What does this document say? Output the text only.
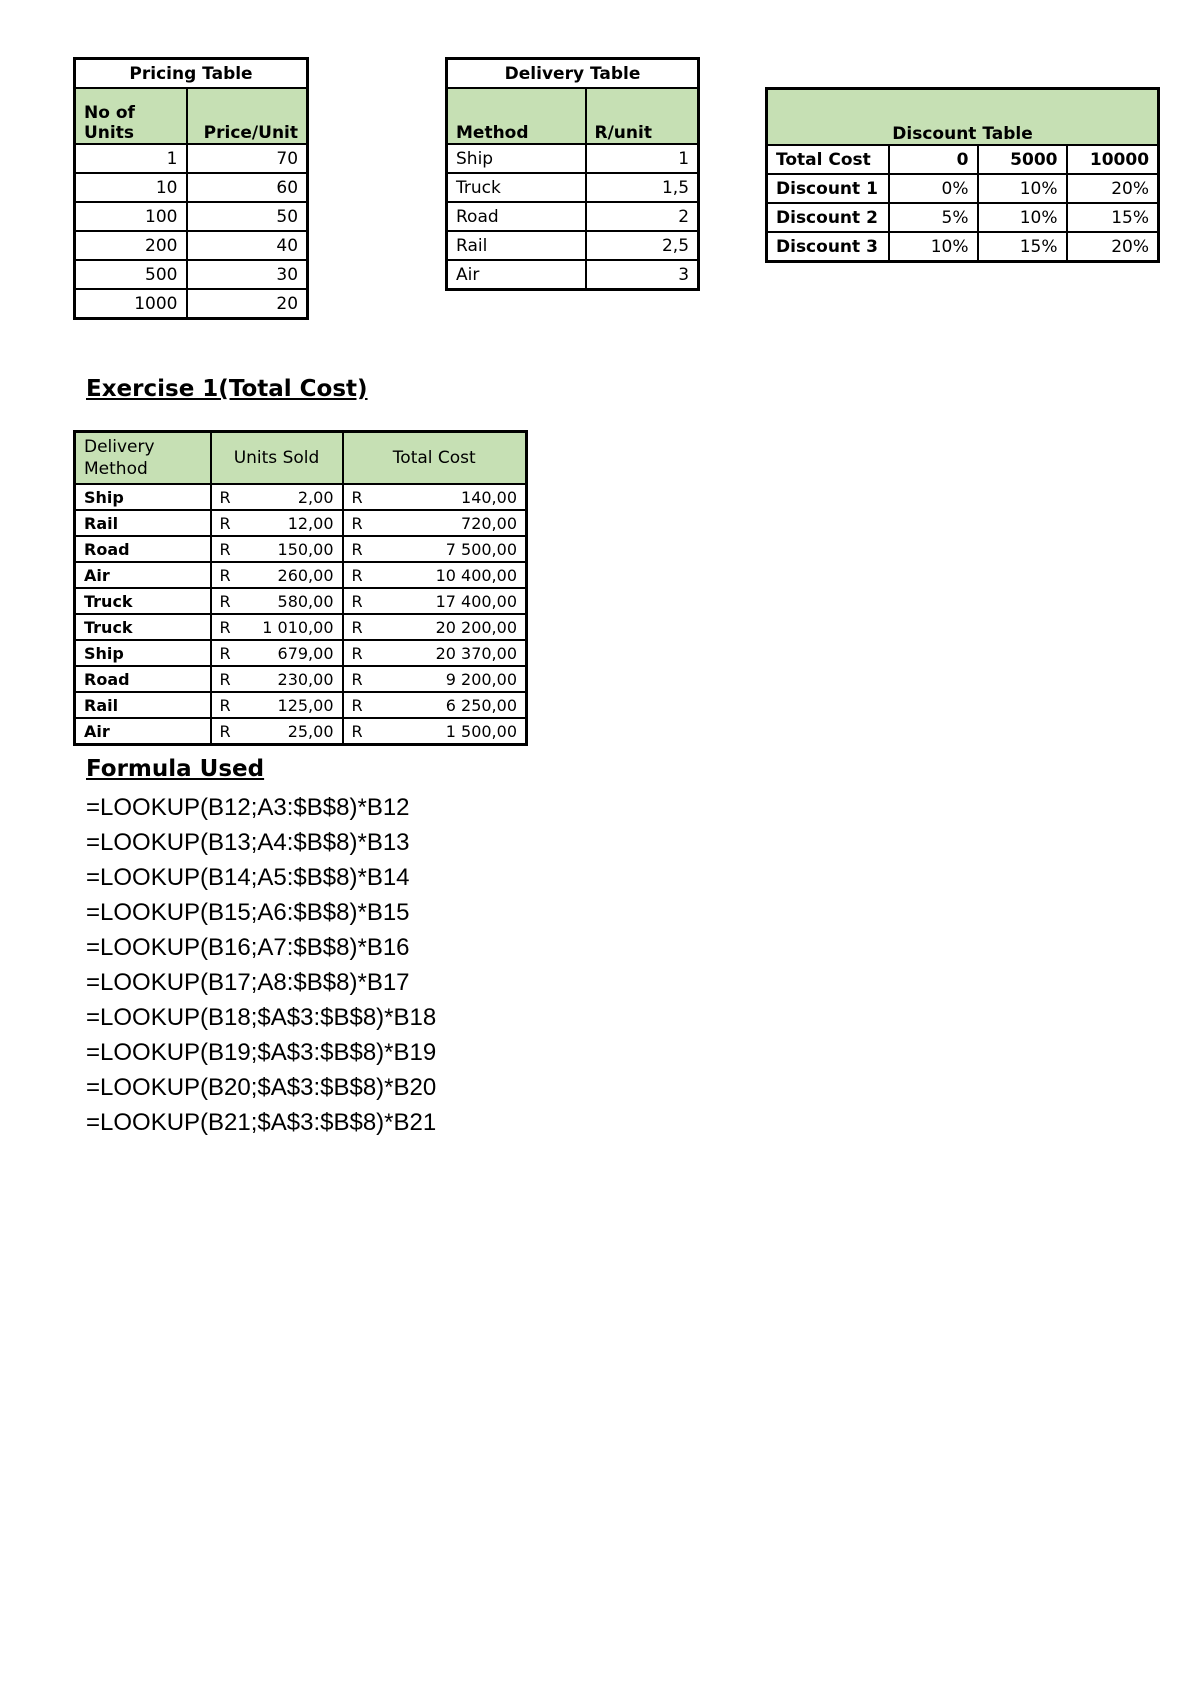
Pricing Table	
No of
Units	Price/Unit
1	70
10	60
100	50
200	40
500	30
1000	20
Delivery Table	
Method	R/unit
Ship	1
Truck	1,5
Road	2
Rail	2,5
Air	3
Discount Table			
Total Cost	0	5000	10000
Discount 1	0%	10%	20%
Discount 2	5%	10%	15%
Discount 3	10%	15%	20%
Exercise 1(Total Cost)
Delivery
Method	Units Sold	Total Cost
Ship	R 2,00	R 140,00

Rail	R 12,00	R 720,00

Road	R 150,00	R 7 500,00

Air	R 260,00	R 10 400,00

Truck	R 580,00	R 17 400,00

Truck	R 1 010,00	R 20 200,00

Ship	R 679,00	R 20 370,00

Road	R 230,00	R 9 200,00

Rail	R 125,00	R 6 250,00

Air	R 25,00	R 1 500,00
Formula Used
=LOOKUP(B12;A3:$B$8)*B12
=LOOKUP(B13;A4:$B$8)*B13
=LOOKUP(B14;A5:$B$8)*B14
=LOOKUP(B15;A6:$B$8)*B15
=LOOKUP(B16;A7:$B$8)*B16
=LOOKUP(B17;A8:$B$8)*B17
=LOOKUP(B18;$A$3:$B$8)*B18
=LOOKUP(B19;$A$3:$B$8)*B19
=LOOKUP(B20;$A$3:$B$8)*B20
=LOOKUP(B21;$A$3:$B$8)*B21
